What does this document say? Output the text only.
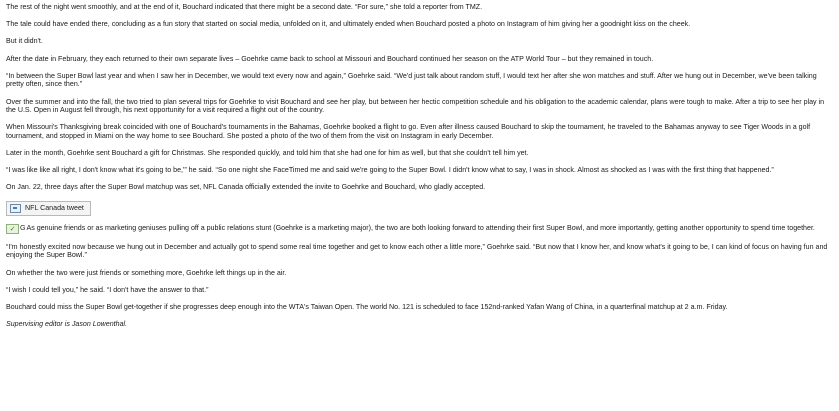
The rest of the night went smoothly, and at the end of it, Bouchard indicated that there might be a second date. “For sure,” she told a reporter from TMZ.

The tale could have ended there, concluding as a fun story that started on social media, unfolded on it, and ultimately ended when Bouchard posted a photo on Instagram of him giving her a goodnight kiss on the cheek.

But it didn't.

After the date in February, they each returned to their own separate lives – Goehrke came back to school at Missouri and Bouchard continued her season on the ATP World Tour – but they remained in touch.

“In between the Super Bowl last year and when I saw her in December, we would text every now and again,” Goehrke said. “We'd just talk about random stuff, I would text her after she won matches and stuff. After we hung out in December, we've been talking pretty often, since then.”

Over the summer and into the fall, the two tried to plan several trips for Goehrke to visit Bouchard and see her play, but between her hectic competition schedule and his obligation to the academic calendar, plans were tough to make. After a trip to see her play in the U.S. Open in August fell through, his next opportunity for a visit required a flight out of the country.

When Missouri's Thanksgiving break coincided with one of Bouchard's tournaments in the Bahamas, Goehrke booked a flight to go. Even after illness caused Bouchard to skip the tournament, he traveled to the Bahamas anyway to see Tiger Woods in a golf tournament, and stopped in Miami on the way home to see Bouchard. She posted a photo of the two of them from the visit on Instagram in early December.

Later in the month, Goehrke sent Bouchard a gift for Christmas. She responded quickly, and told him that she had one for him as well, but that she couldn't tell him yet.

“I was like like all right, I don't know what it's going to be,'” he said. “So one night she FaceTimed me and said we're going to the Super Bowl. I didn't know what to say, I was in shock. Almost as shocked as I was with the first thing that happened.”

On Jan. 22, three days after the Super Bowl matchup was set, NFL Canada officially extended the invite to Goehrke and Bouchard, who gladly accepted.

NFL Canada tweet

✓ GAs genuine friends or as marketing geniuses pulling off a public relations stunt (Goehrke is a marketing major), the two are both looking forward to attending their first Super Bowl, and more importantly, getting another opportunity to spend time together.

“I'm honestly excited now because we hung out in December and actually got to spend some real time together and get to know each other a little more,” Goehrke said. “But now that I know her, and know what's it going to be, I can kind of focus on having fun and enjoying the Super Bowl.”

On whether the two were just friends or something more, Goehrke left things up in the air.

“I wish I could tell you,” he said. “I don't have the answer to that.”

Bouchard could miss the Super Bowl get-together if she progresses deep enough into the WTA's Taiwan Open. The world No. 121 is scheduled to face 152nd-ranked Yafan Wang of China, in a quarterfinal matchup at 2 a.m. Friday.

Supervising editor is Jason Lowenthal.
